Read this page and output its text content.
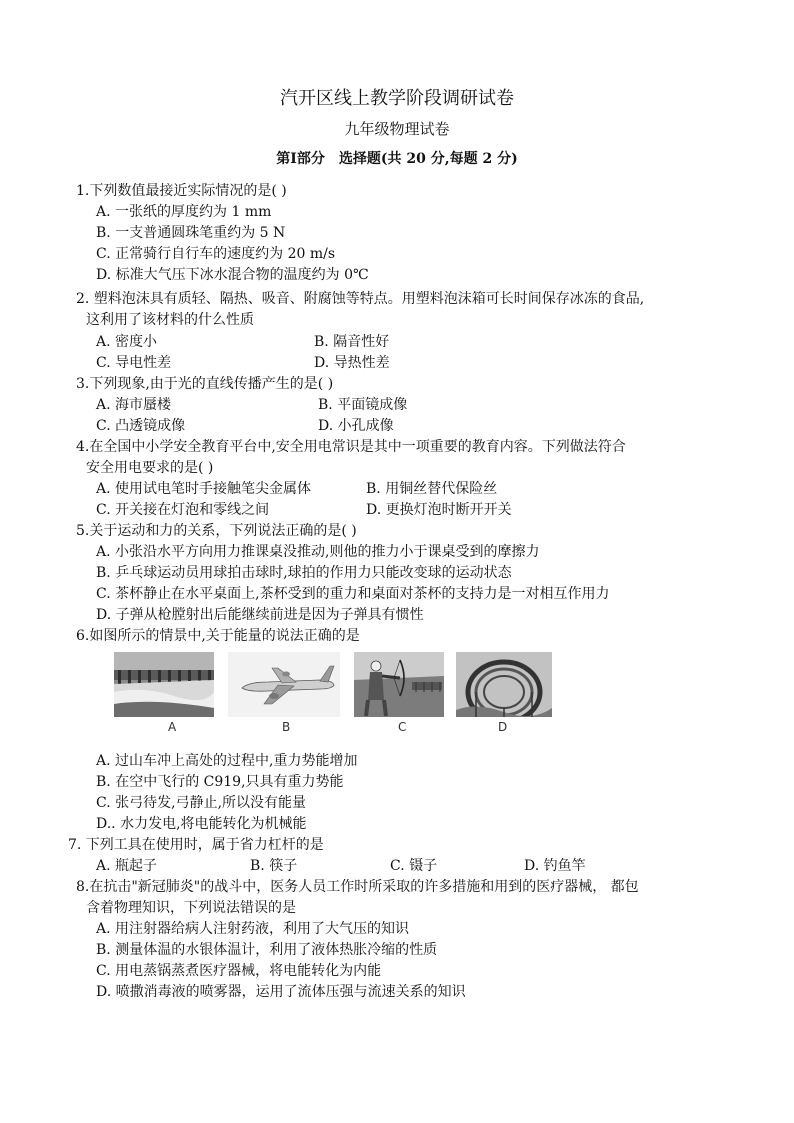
汽开区线上教学阶段调研试卷
九年级物理试卷
第Ⅰ部分　选择题(共 20 分,每题 2 分)
1.下列数值最接近实际情况的是( )
A. 一张纸的厚度约为 1 mm
B. 一支普通圆珠笔重约为 5 N
C. 正常骑行自行车的速度约为 20 m/s
D. 标准大气压下冰水混合物的温度约为 0℃
2. 塑料泡沫具有质轻、隔热、吸音、附腐蚀等特点。用塑料泡沫箱可长时间保存冰冻的食品,
这利用了该材料的什么性质
A. 密度小	B. 隔音性好
C. 导电性差	D. 导热性差
3.下列现象,由于光的直线传播产生的是( )
A. 海市蜃楼	B. 平面镜成像
C. 凸透镜成像	D. 小孔成像
4.在全国中小学安全教育平台中,安全用电常识是其中一项重要的教育内容。下列做法符合
安全用电要求的是( )
A. 使用试电笔时手接触笔尖金属体	B. 用铜丝替代保险丝
C. 开关接在灯泡和零线之间	D. 更换灯泡时断开开关
5.关于运动和力的关系，下列说法正确的是( )
A. 小张沿水平方向用力推课桌没推动,则他的推力小于课桌受到的摩擦力
B. 乒乓球运动员用球拍击球时,球拍的作用力只能改变球的运动状态
C. 茶杯静止在水平桌面上,茶杯受到的重力和桌面对茶杯的支持力是一对相互作用力
D. 子弹从枪膛射出后能继续前进是因为子弹具有惯性
6.如图所示的情景中,关于能量的说法正确的是
A	B	C	D
A. 过山车冲上高处的过程中,重力势能增加
B. 在空中飞行的 C919,只具有重力势能
C. 张弓待发,弓静止,所以没有能量
D.. 水力发电,将电能转化为机械能
7. 下列工具在使用时，属于省力杠杆的是
A. 瓶起子	B. 筷子	C. 镊子	D. 钓鱼竿
8.在抗击"新冠肺炎"的战斗中，医务人员工作时所采取的许多措施和用到的医疗器械， 都包
含着物理知识，下列说法错误的是
A. 用注射器给病人注射药液，利用了大气压的知识
B. 测量体温的水银体温计，利用了液体热胀冷缩的性质
C. 用电蒸锅蒸煮医疗器械，将电能转化为内能
D. 喷撒消毒液的喷雾器，运用了流体压强与流速关系的知识
